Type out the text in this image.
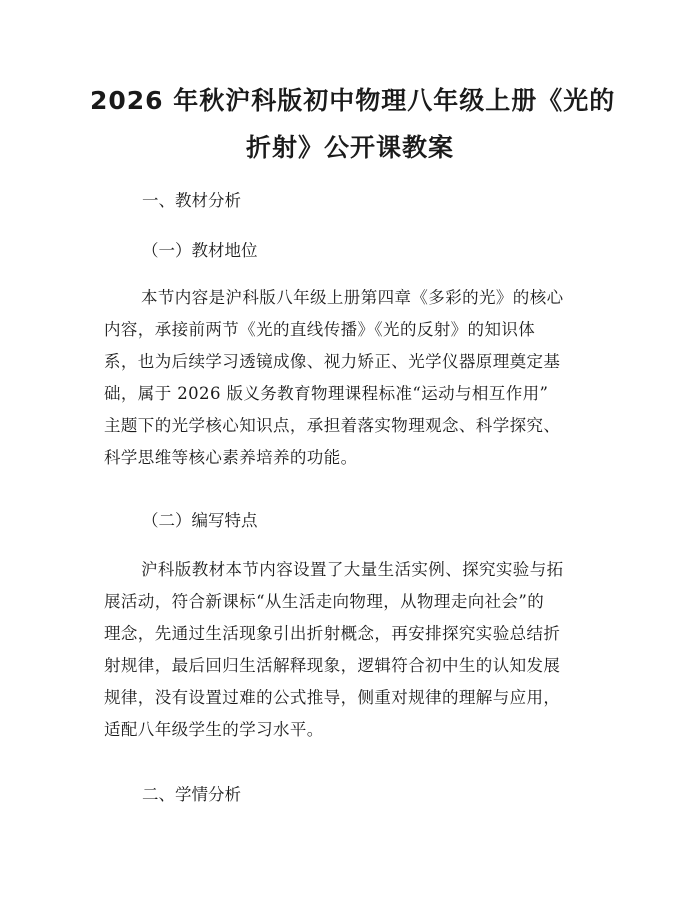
2026 年秋沪科版初中物理八年级上册《光的
折射》公开课教案

一、教材分析

（一）教材地位

本节内容是沪科版八年级上册第四章《多彩的光》的核心
内容，承接前两节《光的直线传播》《光的反射》的知识体
系，也为后续学习透镜成像、视力矫正、光学仪器原理奠定基
础，属于 2026 版义务教育物理课程标准“运动与相互作用”
主题下的光学核心知识点，承担着落实物理观念、科学探究、
科学思维等核心素养培养的功能。

（二）编写特点

沪科版教材本节内容设置了大量生活实例、探究实验与拓
展活动，符合新课标“从生活走向物理，从物理走向社会”的
理念，先通过生活现象引出折射概念，再安排探究实验总结折
射规律，最后回归生活解释现象，逻辑符合初中生的认知发展
规律，没有设置过难的公式推导，侧重对规律的理解与应用，
适配八年级学生的学习水平。

二、学情分析
